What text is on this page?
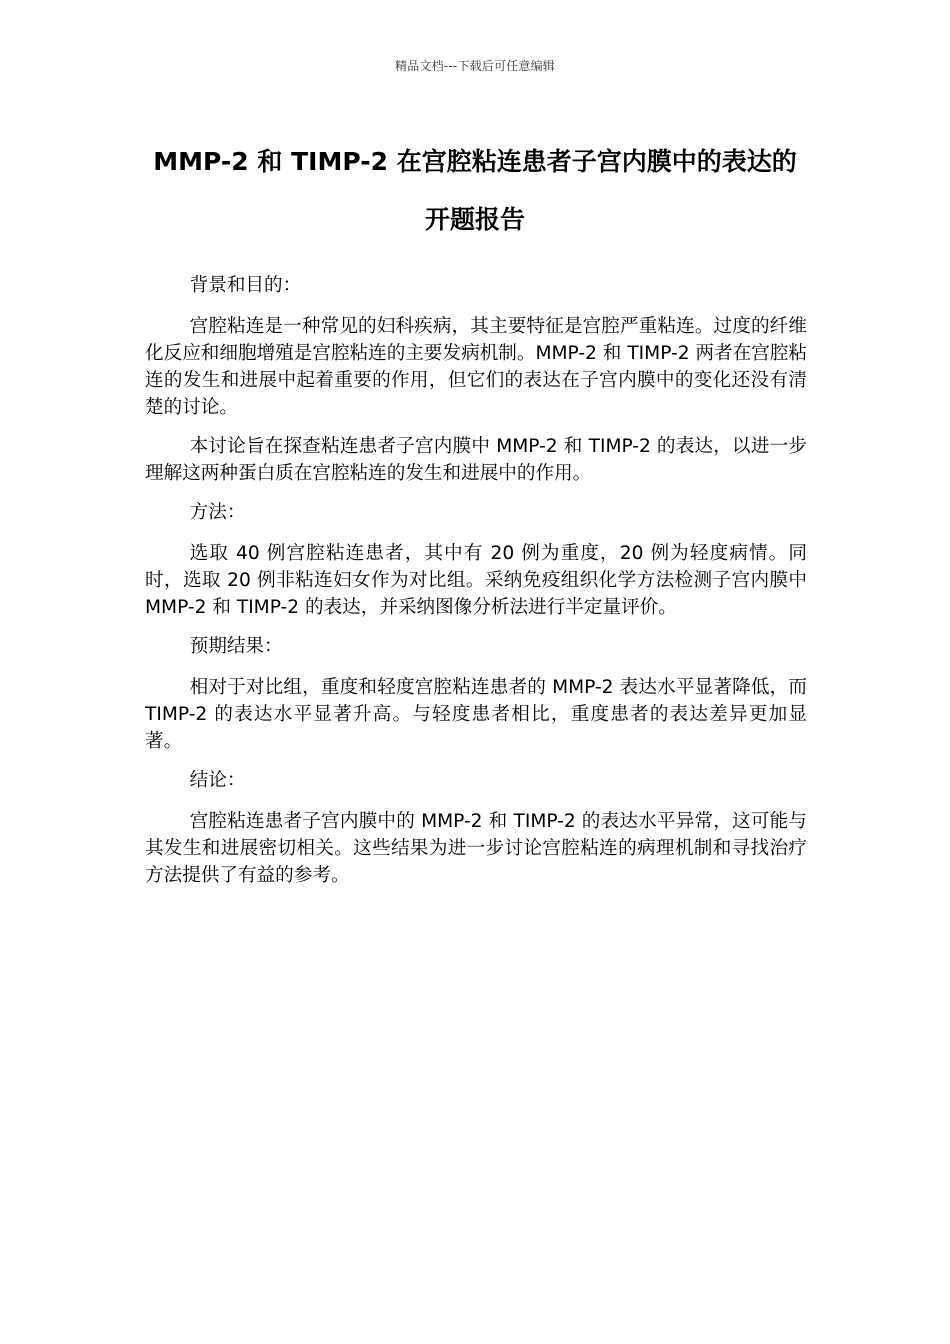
精品文档---下载后可任意编辑
MMP-2 和 TIMP-2 在宫腔粘连患者子宫内膜中的表达的开题报告

背景和目的：

宫腔粘连是一种常见的妇科疾病，其主要特征是宫腔严重粘连。过度的纤维化反应和细胞增殖是宫腔粘连的主要发病机制。MMP-2 和 TIMP-2 两者在宫腔粘连的发生和进展中起着重要的作用，但它们的表达在子宫内膜中的变化还没有清楚的讨论。

本讨论旨在探查粘连患者子宫内膜中 MMP-2 和 TIMP-2 的表达，以进一步理解这两种蛋白质在宫腔粘连的发生和进展中的作用。

方法：

选取 40 例宫腔粘连患者，其中有 20 例为重度，20 例为轻度病情。同时，选取 20 例非粘连妇女作为对比组。采纳免疫组织化学方法检测子宫内膜中 MMP-2 和 TIMP-2 的表达，并采纳图像分析法进行半定量评价。

预期结果：

相对于对比组，重度和轻度宫腔粘连患者的 MMP-2 表达水平显著降低，而 TIMP-2 的表达水平显著升高。与轻度患者相比，重度患者的表达差异更加显著。

结论：

宫腔粘连患者子宫内膜中的 MMP-2 和 TIMP-2 的表达水平异常，这可能与其发生和进展密切相关。这些结果为进一步讨论宫腔粘连的病理机制和寻找治疗方法提供了有益的参考。
